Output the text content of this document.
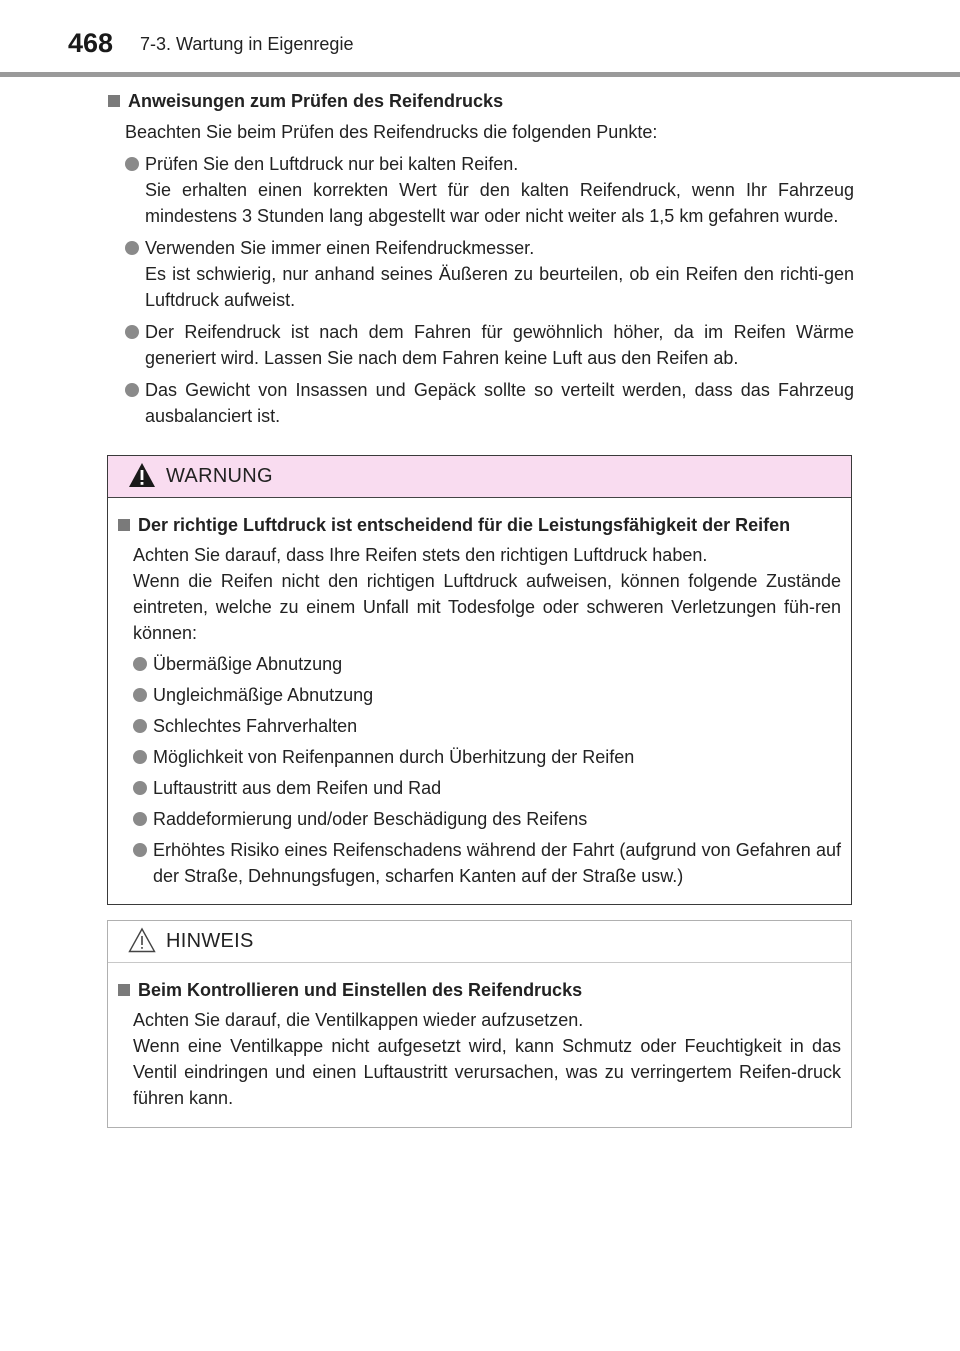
468 7-3. Wartung in Eigenregie

Anweisungen zum Prüfen des Reifendrucks

Beachten Sie beim Prüfen des Reifendrucks die folgenden Punkte:
Prüfen Sie den Luftdruck nur bei kalten Reifen.
Sie erhalten einen korrekten Wert für den kalten Reifendruck, wenn Ihr Fahrzeug mindestens 3 Stunden lang abgestellt war oder nicht weiter als 1,5 km gefahren wurde.
Verwenden Sie immer einen Reifendruckmesser.
Es ist schwierig, nur anhand seines Äußeren zu beurteilen, ob ein Reifen den richti-gen Luftdruck aufweist.
Der Reifendruck ist nach dem Fahren für gewöhnlich höher, da im Reifen Wärme generiert wird. Lassen Sie nach dem Fahren keine Luft aus den Reifen ab.
Das Gewicht von Insassen und Gepäck sollte so verteilt werden, dass das Fahrzeug ausbalanciert ist.
WARNUNG

Der richtige Luftdruck ist entscheidend für die Leistungsfähigkeit der Reifen

Achten Sie darauf, dass Ihre Reifen stets den richtigen Luftdruck haben.
Wenn die Reifen nicht den richtigen Luftdruck aufweisen, können folgende Zustände eintreten, welche zu einem Unfall mit Todesfolge oder schweren Verletzungen füh-ren können:
Übermäßige Abnutzung
Ungleichmäßige Abnutzung
Schlechtes Fahrverhalten
Möglichkeit von Reifenpannen durch Überhitzung der Reifen
Luftaustritt aus dem Reifen und Rad
Raddeformierung und/oder Beschädigung des Reifens
Erhöhtes Risiko eines Reifenschadens während der Fahrt (aufgrund von Gefahren auf der Straße, Dehnungsfugen, scharfen Kanten auf der Straße usw.)
HINWEIS

Beim Kontrollieren und Einstellen des Reifendrucks

Achten Sie darauf, die Ventilkappen wieder aufzusetzen.
Wenn eine Ventilkappe nicht aufgesetzt wird, kann Schmutz oder Feuchtigkeit in das Ventil eindringen und einen Luftaustritt verursachen, was zu verringertem Reifen-druck führen kann.
